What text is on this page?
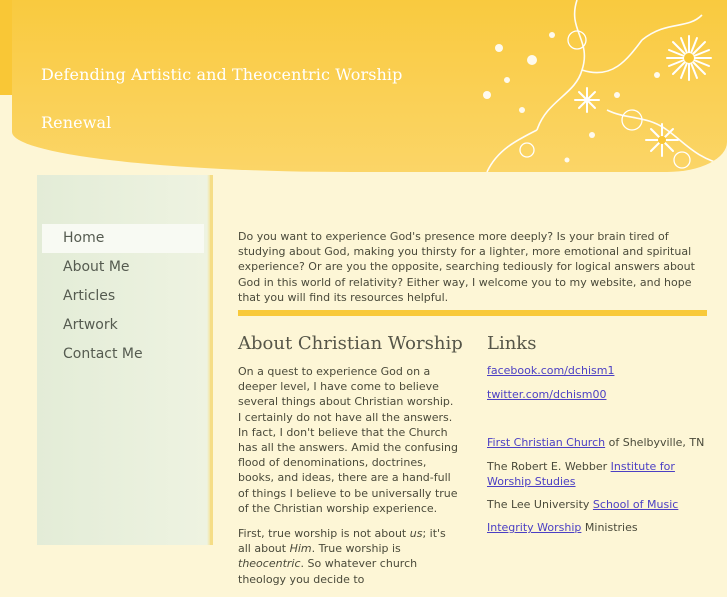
Defending Artistic and Theocentric Worship
Renewal
Home
About Me
Articles
Artwork
Contact Me
Do you want to experience God's presence more deeply? Is your brain tired of studying about God, making you thirsty for a lighter, more emotional and spiritual experience? Or are you the opposite, searching tediously for logical answers about God in this world of relativity? Either way, I welcome you to my website, and hope that you will find its resources helpful.
About Christian Worship

On a quest to experience God on a deeper level, I have come to believe several things about Christian worship. I certainly do not have all the answers. In fact, I don't believe that the Church has all the answers. Amid the confusing flood of denominations, doctrines, books, and ideas, there are a hand-full of things I believe to be universally true of the Christian worship experience.

First, true worship is not about us; it's all about Him. True worship is theocentric. So whatever church theology you decide to

Links

facebook.com/dchism1

twitter.com/dchism00

First Christian Church of Shelbyville, TN

The Robert E. Webber Institute for Worship Studies

The Lee University School of Music

Integrity Worship Ministries
